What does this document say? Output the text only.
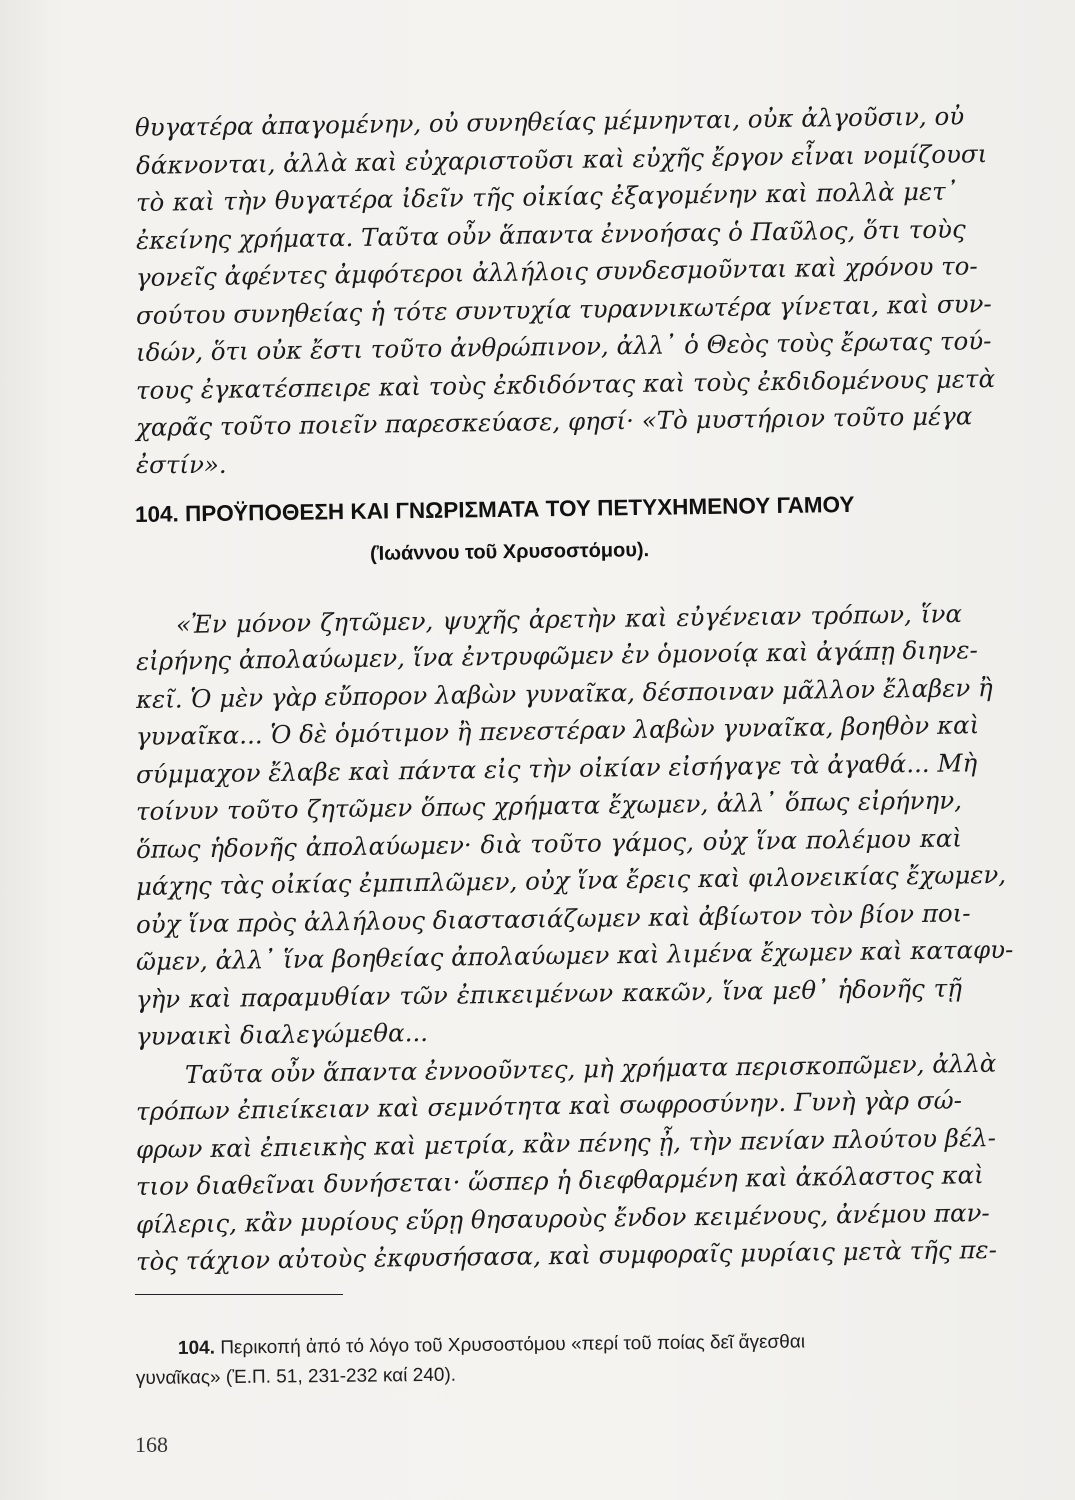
θυγατέρα ἀπαγομένην, οὐ συνηθείας μέμνηνται, οὐκ ἀλγοῦσιν, οὐ
δάκνονται, ἀλλὰ καὶ εὐχαριστοῦσι καὶ εὐχῆς ἔργον εἶναι νομίζουσι
τὸ καὶ τὴν θυγατέρα ἰδεῖν τῆς οἰκίας ἐξαγομένην καὶ πολλὰ μετ᾿
ἐκείνης χρήματα. Ταῦτα οὖν ἅπαντα ἐννοήσας ὁ Παῦλος, ὅτι τοὺς
γονεῖς ἀφέντες ἀμφότεροι ἀλλήλοις συνδεσμοῦνται καὶ χρόνου το-
σούτου συνηθείας ἡ τότε συντυχία τυραννικωτέρα γίνεται, καὶ συν-
ιδών, ὅτι οὐκ ἔστι τοῦτο ἀνθρώπινον, ἀλλ᾿ ὁ Θεὸς τοὺς ἔρωτας τού-
τους ἐγκατέσπειρε καὶ τοὺς ἐκδιδόντας καὶ τοὺς ἐκδιδομένους μετὰ
χαρᾶς τοῦτο ποιεῖν παρεσκεύασε, φησί· «Τὸ μυστήριον τοῦτο μέγα
ἐστίν».
104. ΠΡΟΫΠΟΘΕΣΗ ΚΑΙ ΓΝΩΡΙΣΜΑΤΑ ΤΟΥ ΠΕΤΥΧΗΜΕΝΟΥ ΓΑΜΟΥ
(Ἰωάννου τοῦ Χρυσοστόμου).
«Ἐν μόνον ζητῶμεν, ψυχῆς ἀρετὴν καὶ εὐγένειαν τρόπων, ἵνα
εἰρήνης ἀπολαύωμεν, ἵνα ἐντρυφῶμεν ἐν ὁμονοίᾳ καὶ ἀγάπῃ διηνε-
κεῖ. Ὁ μὲν γὰρ εὔπορον λαβὼν γυναῖκα, δέσποιναν μᾶλλον ἔλαβεν ἢ
γυναῖκα... Ὁ δὲ ὁμότιμον ἢ πενεστέραν λαβὼν γυναῖκα, βοηθὸν καὶ
σύμμαχον ἔλαβε καὶ πάντα εἰς τὴν οἰκίαν εἰσήγαγε τὰ ἀγαθά... Μὴ
τοίνυν τοῦτο ζητῶμεν ὅπως χρήματα ἔχωμεν, ἀλλ᾿ ὅπως εἰρήνην,
ὅπως ἡδονῆς ἀπολαύωμεν· διὰ τοῦτο γάμος, οὐχ ἵνα πολέμου καὶ
μάχης τὰς οἰκίας ἐμπιπλῶμεν, οὐχ ἵνα ἔρεις καὶ φιλονεικίας ἔχωμεν,
οὐχ ἵνα πρὸς ἀλλήλους διαστασιάζωμεν καὶ ἀβίωτον τὸν βίον ποι-
ῶμεν, ἀλλ᾿ ἵνα βοηθείας ἀπολαύωμεν καὶ λιμένα ἔχωμεν καὶ καταφυ-
γὴν καὶ παραμυθίαν τῶν ἐπικειμένων κακῶν, ἵνα μεθ᾿ ἡδονῆς τῇ
γυναικὶ διαλεγώμεθα...
Ταῦτα οὖν ἅπαντα ἐννοοῦντες, μὴ χρήματα περισκοπῶμεν, ἀλλὰ
τρόπων ἐπιείκειαν καὶ σεμνότητα καὶ σωφροσύνην. Γυνὴ γὰρ σώ-
φρων καὶ ἐπιεικὴς καὶ μετρία, κἂν πένης ᾖ, τὴν πενίαν πλούτου βέλ-
τιον διαθεῖναι δυνήσεται· ὥσπερ ἡ διεφθαρμένη καὶ ἀκόλαστος καὶ
φίλερις, κἂν μυρίους εὕρῃ θησαυροὺς ἔνδον κειμένους, ἀνέμου παν-
τὸς τάχιον αὐτοὺς ἐκφυσήσασα, καὶ συμφοραῖς μυρίαις μετὰ τῆς πε-
104. Περικοπή ἀπό τό λόγο τοῦ Χρυσοστόμου «περί τοῦ ποίας δεῖ ἄγεσθαι
γυναῖκας» (Ἐ.Π. 51, 231-232 καί 240).
168
